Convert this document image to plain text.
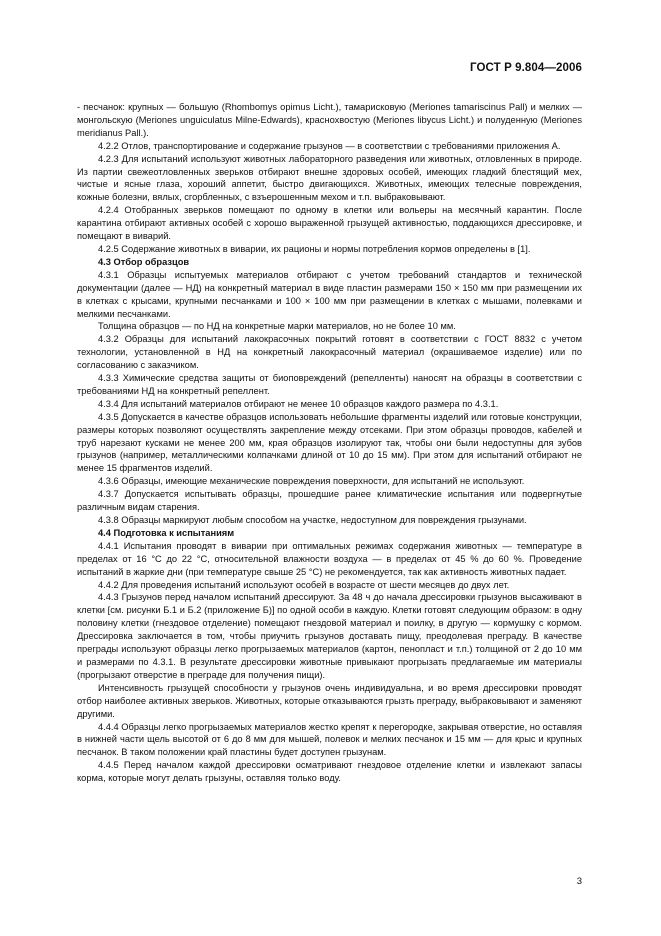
ГОСТ Р 9.804—2006

- песчанок: крупных — большую (Rhombomys opimus Licht.), тамарисковую (Meriones tamariscinus Pall) и мелких — монгольскую (Meriones unguiculatus Milne-Edwards), краснохвостую (Meriones libycus Licht.) и полуденную (Meriones meridianus Pall.).

4.2.2 Отлов, транспортирование и содержание грызунов — в соответствии с требованиями приложения А.

4.2.3 Для испытаний используют животных лабораторного разведения или животных, отловленных в природе. Из партии свежеотловленных зверьков отбирают внешне здоровых особей, имеющих гладкий блестящий мех, чистые и ясные глаза, хороший аппетит, быстро двигающихся. Животных, имеющих телесные повреждения, кожные болезни, вялых, сгорбленных, с взъерошенным мехом и т.п. выбраковывают.

4.2.4 Отобранных зверьков помещают по одному в клетки или вольеры на месячный карантин. После карантина отбирают активных особей с хорошо выраженной грызущей активностью, поддающихся дрессировке, и помещают в виварий.

4.2.5 Содержание животных в виварии, их рационы и нормы потребления кормов определены в [1].

4.3 Отбор образцов

4.3.1 Образцы испытуемых материалов отбирают с учетом требований стандартов и технической документации (далее — НД) на конкретный материал в виде пластин размерами 150 × 150 мм при размещении их в клетках с крысами, крупными песчанками и 100 × 100 мм при размещении в клетках с мышами, полевками и мелкими песчанками.

Толщина образцов — по НД на конкретные марки материалов, но не более 10 мм.

4.3.2 Образцы для испытаний лакокрасочных покрытий готовят в соответствии с ГОСТ 8832 с учетом технологии, установленной в НД на конкретный лакокрасочный материал (окрашиваемое изделие) или по согласованию с заказчиком.

4.3.3 Химические средства защиты от биоповреждений (репелленты) наносят на образцы в соответствии с требованиями НД на конкретный репеллент.

4.3.4 Для испытаний материалов отбирают не менее 10 образцов каждого размера по 4.3.1.

4.3.5 Допускается в качестве образцов использовать небольшие фрагменты изделий или готовые конструкции, размеры которых позволяют осуществлять закрепление между отсеками. При этом образцы проводов, кабелей и труб нарезают кусками не менее 200 мм, края образцов изолируют так, чтобы они были недоступны для зубов грызунов (например, металлическими колпачками длиной от 10 до 15 мм). При этом для испытаний отбирают не менее 15 фрагментов изделий.

4.3.6 Образцы, имеющие механические повреждения поверхности, для испытаний не используют.

4.3.7 Допускается испытывать образцы, прошедшие ранее климатические испытания или подвергнутые различным видам старения.

4.3.8 Образцы маркируют любым способом на участке, недоступном для повреждения грызунами.

4.4 Подготовка к испытаниям

4.4.1 Испытания проводят в виварии при оптимальных режимах содержания животных — температуре в пределах от 16 °С до 22 °С, относительной влажности воздуха — в пределах от 45 % до 60 %. Проведение испытаний в жаркие дни (при температуре свыше 25 °С) не рекомендуется, так как активность животных падает.

4.4.2 Для проведения испытаний используют особей в возрасте от шести месяцев до двух лет.

4.4.3 Грызунов перед началом испытаний дрессируют. За 48 ч до начала дрессировки грызунов высаживают в клетки [см. рисунки Б.1 и Б.2 (приложение Б)] по одной особи в каждую. Клетки готовят следующим образом: в одну половину клетки (гнездовое отделение) помещают гнездовой материал и поилку, в другую — кормушку с кормом. Дрессировка заключается в том, чтобы приучить грызунов доставать пищу, преодолевая преграду. В качестве преграды используют образцы легко прогрызаемых материалов (картон, пенопласт и т.п.) толщиной от 2 до 10 мм и размерами по 4.3.1. В результате дрессировки животные привыкают прогрызать предлагаемые им материалы (прогрызают отверстие в преграде для получения пищи).

Интенсивность грызущей способности у грызунов очень индивидуальна, и во время дрессировки проводят отбор наиболее активных зверьков. Животных, которые отказываются грызть преграду, выбраковывают и заменяют другими.

4.4.4 Образцы легко прогрызаемых материалов жестко крепят к перегородке, закрывая отверстие, но оставляя в нижней части щель высотой от 6 до 8 мм для мышей, полевок и мелких песчанок и 15 мм — для крыс и крупных песчанок. В таком положении край пластины будет доступен грызунам.

4.4.5 Перед началом каждой дрессировки осматривают гнездовое отделение клетки и извлекают запасы корма, которые могут делать грызуны, оставляя только воду.

3
